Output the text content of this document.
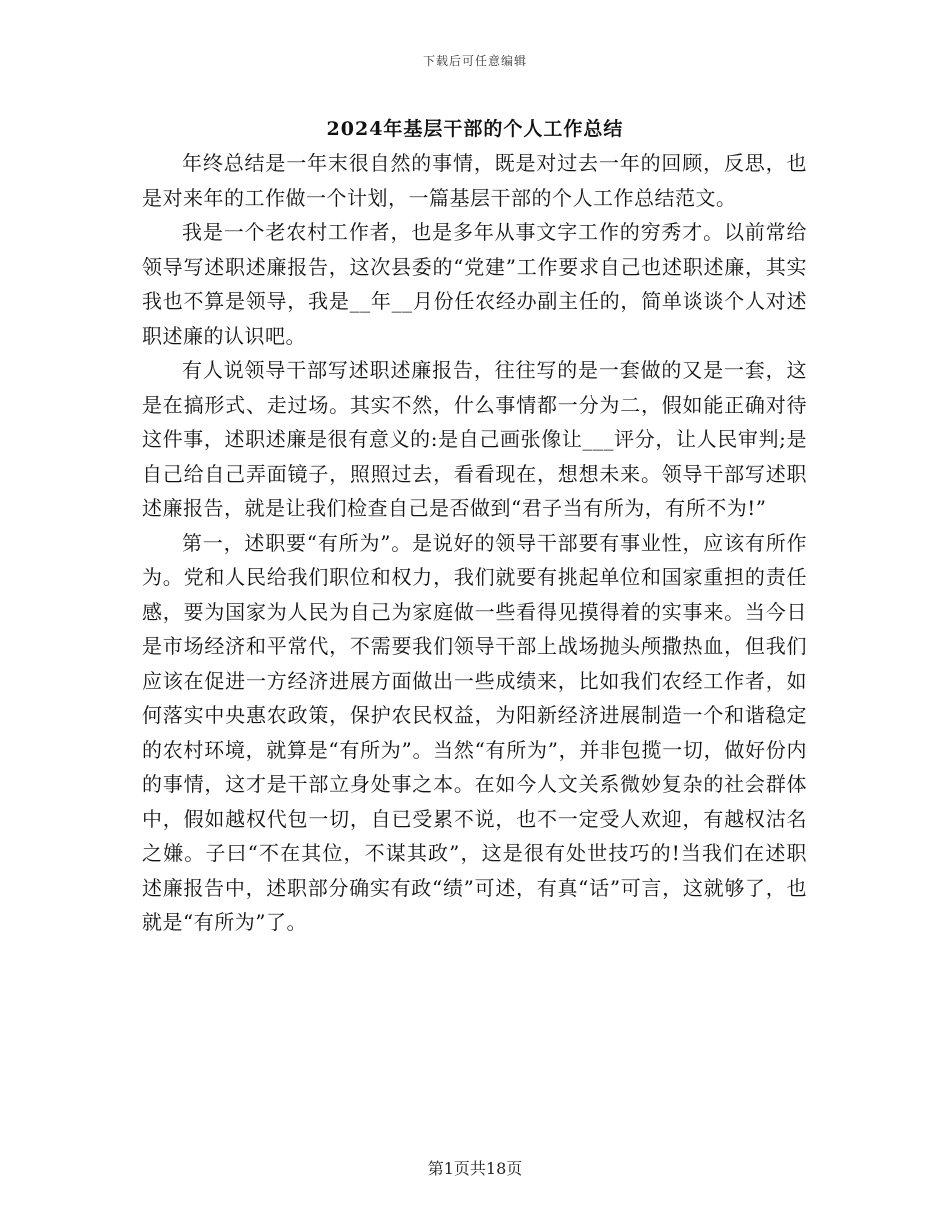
下载后可任意编辑
2024年基层干部的个人工作总结

年终总结是一年末很自然的事情，既是对过去一年的回顾，反思，也是对来年的工作做一个计划，一篇基层干部的个人工作总结范文。

我是一个老农村工作者，也是多年从事文字工作的穷秀才。以前常给领导写述职述廉报告，这次县委的“党建”工作要求自己也述职述廉，其实我也不算是领导，我是__年__月份任农经办副主任的，简单谈谈个人对述职述廉的认识吧。

有人说领导干部写述职述廉报告，往往写的是一套做的又是一套，这是在搞形式、走过场。其实不然，什么事情都一分为二，假如能正确对待这件事，述职述廉是很有意义的:是自己画张像让___评分，让人民审判;是自己给自己弄面镜子，照照过去，看看现在，想想未来。领导干部写述职述廉报告，就是让我们检查自己是否做到“君子当有所为，有所不为!”

第一，述职要“有所为”。是说好的领导干部要有事业性，应该有所作为。党和人民给我们职位和权力，我们就要有挑起单位和国家重担的责任感，要为国家为人民为自己为家庭做一些看得见摸得着的实事来。当今日是市场经济和平常代，不需要我们领导干部上战场抛头颅撒热血，但我们应该在促进一方经济进展方面做出一些成绩来，比如我们农经工作者，如何落实中央惠农政策，保护农民权益，为阳新经济进展制造一个和谐稳定的农村环境，就算是“有所为”。当然“有所为”，并非包揽一切，做好份内的事情，这才是干部立身处事之本。在如今人文关系微妙复杂的社会群体中，假如越权代包一切，自已受累不说，也不一定受人欢迎，有越权沽名之嫌。子曰“不在其位，不谋其政”，这是很有处世技巧的!当我们在述职述廉报告中，述职部分确实有政“绩”可述，有真“话”可言，这就够了，也就是“有所为”了。

第1页共18页
